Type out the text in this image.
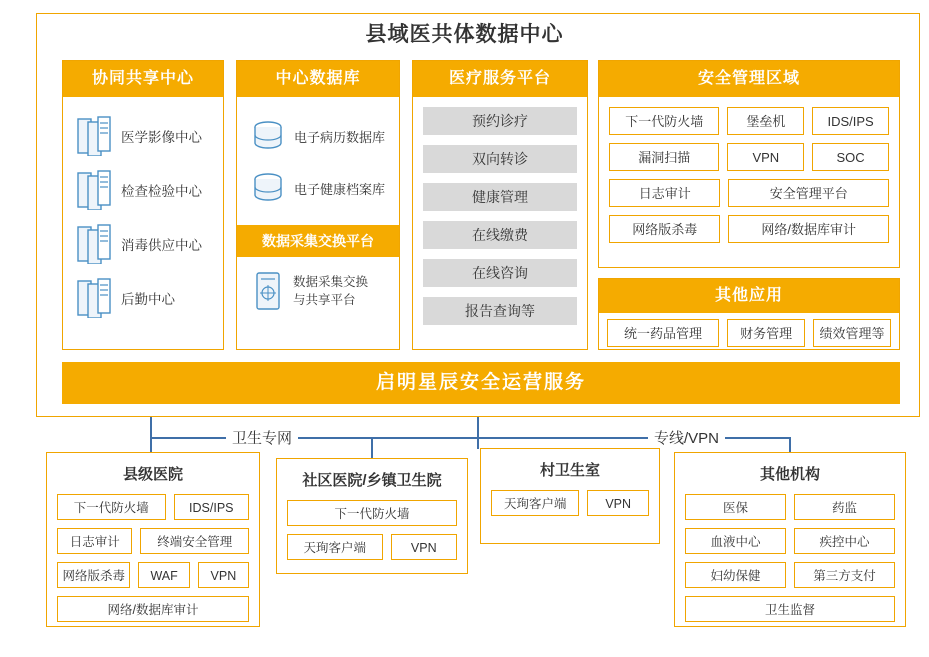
县域医共体数据中心
协同共享中心
医学影像中心
检查检验中心
消毒供应中心
后勤中心
中心数据库
电子病历数据库
电子健康档案库
数据采集交换平台
数据采集交换
与共享平台
医疗服务平台
预约诊疗
双向转诊
健康管理
在线缴费
在线咨询
报告查询等
安全管理区域
下一代防火墙	堡垒机	IDS/IPS
漏洞扫描	VPN	SOC
日志审计	安全管理平台
网络版杀毒	网络/数据库审计
其他应用
统一药品管理	财务管理	绩效管理等
启明星辰安全运营服务
卫生专网	专线/VPN
县级医院
下一代防火墙	IDS/IPS
日志审计	终端安全管理
网络版杀毒	WAF	VPN
网络/数据库审计
社区医院/乡镇卫生院
下一代防火墙
天珣客户端	VPN
村卫生室
天珣客户端	VPN
其他机构
医保	药监
血液中心	疾控中心
妇幼保健	第三方支付
卫生监督
